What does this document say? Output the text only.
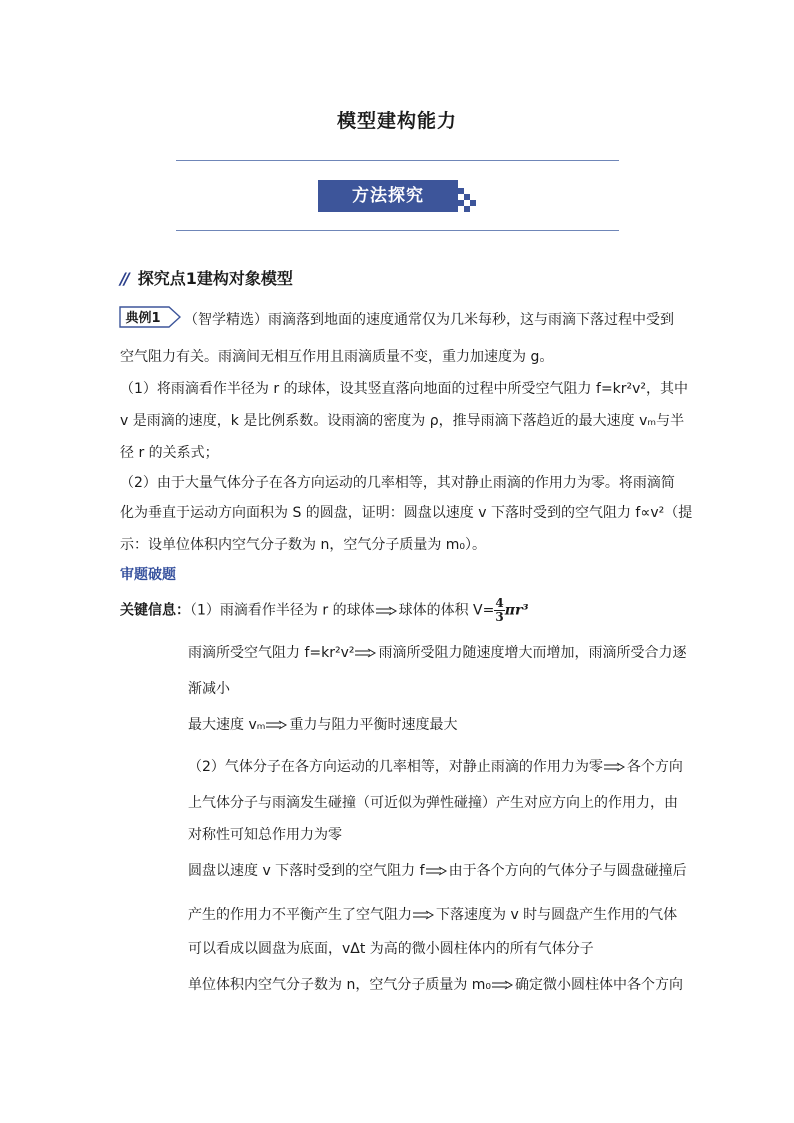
模型建构能力
方法探究
// 探究点1建构对象模型
典例1 （智学精选）雨滴落到地面的速度通常仅为几米每秒，这与雨滴下落过程中受到
空气阻力有关。雨滴间无相互作用且雨滴质量不变，重力加速度为 g。
（1）将雨滴看作半径为 r 的球体，设其竖直落向地面的过程中所受空气阻力 f=kr²v²，其中
v 是雨滴的速度，k 是比例系数。设雨滴的密度为 ρ，推导雨滴下落趋近的最大速度 vₘ与半
径 r 的关系式；
（2）由于大量气体分子在各方向运动的几率相等，其对静止雨滴的作用力为零。将雨滴简
化为垂直于运动方向面积为 S 的圆盘，证明：圆盘以速度 v 下落时受到的空气阻力 f∝v²（提
示：设单位体积内空气分子数为 n，空气分子质量为 m₀）。
审题破题
关键信息：（1）雨滴看作半径为 r 的球体 球体的体积 $V= \frac{4}{3} \pi r^3$
雨滴所受空气阻力 f=kr²v² 雨滴所受阻力随速度增大而增加，雨滴所受合力逐
渐减小
最大速度 vₘ 重力与阻力平衡时速度最大
（2）气体分子在各方向运动的几率相等，对静止雨滴的作用力为零 各个方向
上气体分子与雨滴发生碰撞（可近似为弹性碰撞）产生对应方向上的作用力，由
对称性可知总作用力为零
圆盘以速度 v 下落时受到的空气阻力 f 由于各个方向的气体分子与圆盘碰撞后
产生的作用力不平衡产生了空气阻力 下落速度为 v 时与圆盘产生作用的气体
可以看成以圆盘为底面，vΔt 为高的微小圆柱体内的所有气体分子
单位体积内空气分子数为 n，空气分子质量为 m₀ 确定微小圆柱体中各个方向
